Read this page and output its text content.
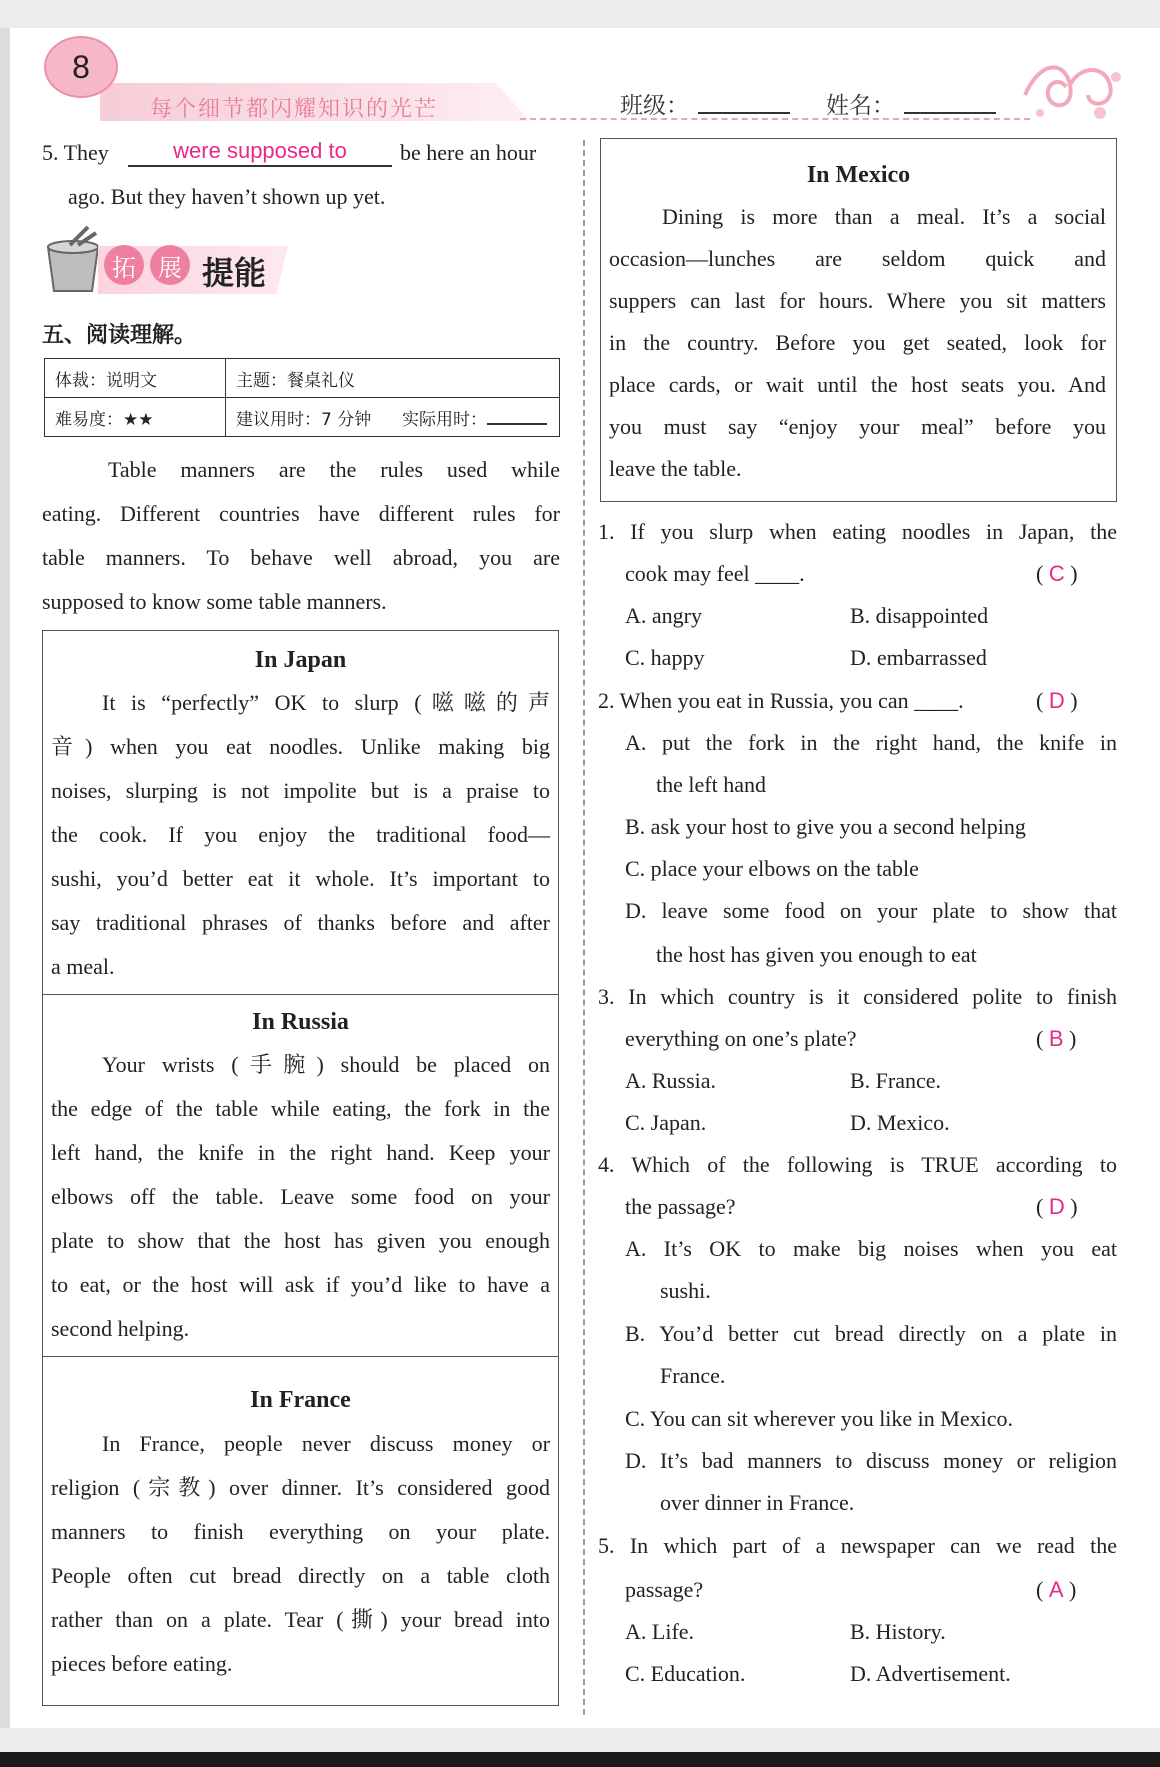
8
每个细节都闪耀知识的光芒	班级：	姓名：
5. They	were supposed to	be here an hour
ago. But they haven’t shown up yet.
拓 展 提能
五、阅读理解。
体裁：说明文	主题：餐桌礼仪
难易度：★★	建议用时：7 分钟 实际用时：
Table manners are the rules used while
eating. Different countries have different rules for
table manners. To behave well abroad, you are
supposed to know some table manners.
In Japan
It is “perfectly” OK to slurp (嗞嗞的声
音) when you eat noodles. Unlike making big
noises, slurping is not impolite but is a praise to
the cook. If you enjoy the traditional food—
sushi, you’d better eat it whole. It’s important to
say traditional phrases of thanks before and after
a meal.
In Russia
Your wrists (手腕) should be placed on
the edge of the table while eating, the fork in the
left hand, the knife in the right hand. Keep your
elbows off the table. Leave some food on your
plate to show that the host has given you enough
to eat, or the host will ask if you’d like to have a
second helping.
In France
In France, people never discuss money or
religion (宗教) over dinner. It’s considered good
manners to finish everything on your plate.
People often cut bread directly on a table cloth
rather than on a plate. Tear (撕) your bread into
pieces before eating.
In Mexico
Dining is more than a meal. It’s a social
occasion—lunches are seldom quick and
suppers can last for hours. Where you sit matters
in the country. Before you get seated, look for
place cards, or wait until the host seats you. And
you must say “enjoy your meal” before you
leave the table.
1. If you slurp when eating noodles in Japan, the
cook may feel ____.	( C )
A. angry	B. disappointed
C. happy	D. embarrassed
2. When you eat in Russia, you can ____.	( D )
A. put the fork in the right hand, the knife in
the left hand
B. ask your host to give you a second helping
C. place your elbows on the table
D. leave some food on your plate to show that
the host has given you enough to eat
3. In which country is it considered polite to finish
everything on one’s plate?	( B )
A. Russia.	B. France.
C. Japan.	D. Mexico.
4. Which of the following is TRUE according to
the passage?	( D )
A. It’s OK to make big noises when you eat
sushi.
B. You’d better cut bread directly on a plate in
France.
C. You can sit wherever you like in Mexico.
D. It’s bad manners to discuss money or religion
over dinner in France.
5. In which part of a newspaper can we read the
passage?	( A )
A. Life.	B. History.
C. Education.	D. Advertisement.
